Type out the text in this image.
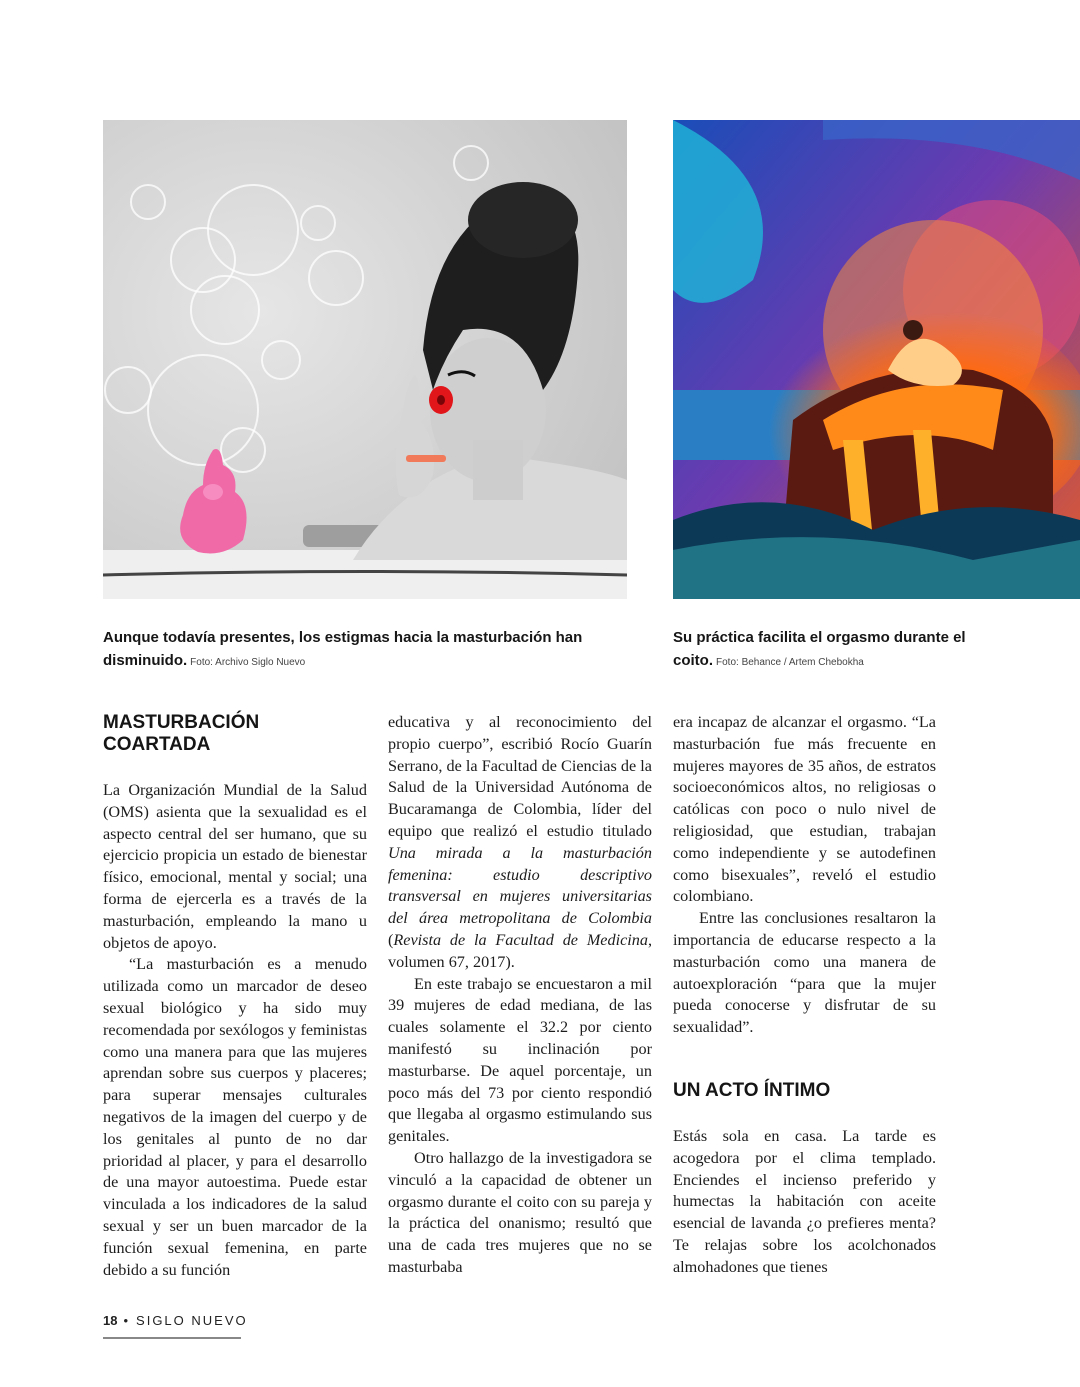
Aunque todavía presentes, los estigmas hacia la masturbación han disminuido. Foto: Archivo Siglo Nuevo
Su práctica facilita el orgasmo durante el coito. Foto: Behance / Artem Chebokha
MASTURBACIÓN COARTADA

La Organización Mundial de la Salud (OMS) asienta que la sexualidad es el aspecto central del ser humano, que su ejercicio propicia un estado de bienestar físico, emocional, mental y social; una forma de ejercerla es a través de la masturbación, empleando la mano u objetos de apoyo.

“La masturbación es a menudo utilizada como un marcador de deseo sexual biológico y ha sido muy recomendada por sexólogos y feministas como una manera para que las mujeres aprendan sobre sus cuerpos y placeres; para superar mensajes culturales negativos de la imagen del cuerpo y de los genitales al punto de no dar prioridad al placer, y para el desarrollo de una mayor autoestima. Puede estar vinculada a los indicadores de la salud sexual y ser un buen marcador de la función sexual femenina, en parte debido a su función

educativa y al reconocimiento del propio cuerpo”, escribió Rocío Guarín Serrano, de la Facultad de Ciencias de la Salud de la Universidad Autónoma de Bucaramanga de Colombia, líder del equipo que realizó el estudio titulado Una mirada a la masturbación femenina: estudio descriptivo transversal en mujeres universitarias del área metropolitana de Colombia (Revista de la Facultad de Medicina, volumen 67, 2017).

En este trabajo se encuestaron a mil 39 mujeres de edad mediana, de las cuales solamente el 32.2 por ciento manifestó su inclinación por masturbarse. De aquel porcentaje, un poco más del 73 por ciento respondió que llegaba al orgasmo estimulando sus genitales.

Otro hallazgo de la investigadora se vinculó a la capacidad de obtener un orgasmo durante el coito con su pareja y la práctica del onanismo; resultó que una de cada tres mujeres que no se masturbaba

era incapaz de alcanzar el orgasmo. “La masturbación fue más frecuente en mujeres mayores de 35 años, de estratos socioeconómicos altos, no religiosas o católicas con poco o nulo nivel de religiosidad, que estudian, trabajan como independiente y se autodefinen como bisexuales”, reveló el estudio colombiano.

Entre las conclusiones resaltaron la importancia de educarse respecto a la masturbación como una manera de autoexploración “para que la mujer pueda conocerse y disfrutar de su sexualidad”.

UN ACTO ÍNTIMO

Estás sola en casa. La tarde es acogedora por el clima templado. Enciendes el incienso preferido y humectas la habitación con aceite esencial de lavanda ¿o prefieres menta? Te relajas sobre los acolchonados almohadones que tienes

18 • SIGLO NUEVO
